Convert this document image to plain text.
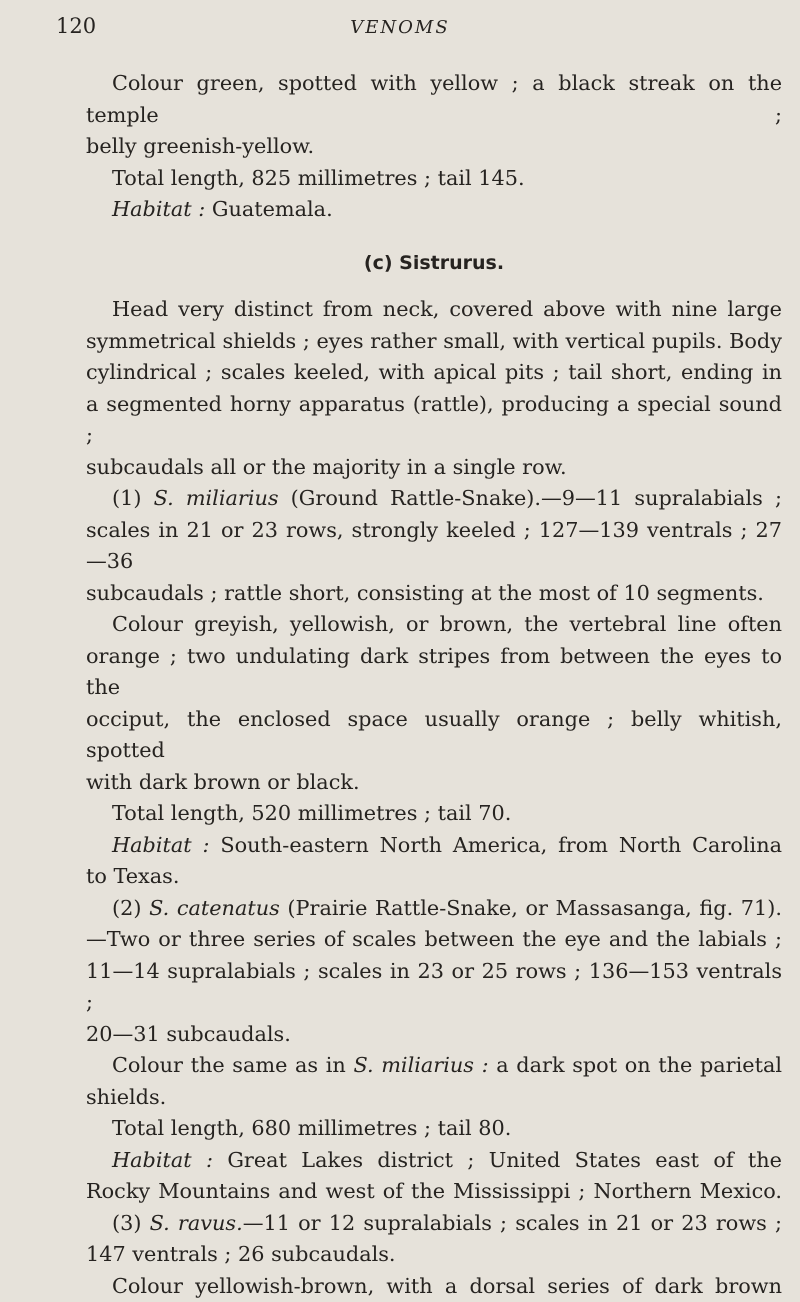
120	VENOMS

Colour green, spotted with yellow ; a black streak on the temple ;

belly greenish-yellow.

Total length, 825 millimetres ; tail 145.

Habitat : Guatemala.

(c) Sistrurus.

Head very distinct from neck, covered above with nine large

symmetrical shields ; eyes rather small, with vertical pupils. Body

cylindrical ; scales keeled, with apical pits ; tail short, ending in

a segmented horny apparatus (rattle), producing a special sound ;

subcaudals all or the majority in a single row.

(1) S. miliarius (Ground Rattle-Snake).—9—11 supralabials ;

scales in 21 or 23 rows, strongly keeled ; 127—139 ventrals ; 27—36

subcaudals ; rattle short, consisting at the most of 10 segments.

Colour greyish, yellowish, or brown, the vertebral line often

orange ; two undulating dark stripes from between the eyes to the

occiput, the enclosed space usually orange ; belly whitish, spotted

with dark brown or black.

Total length, 520 millimetres ; tail 70.

Habitat : South-eastern North America, from North Carolina

to Texas.

(2) S. catenatus (Prairie Rattle-Snake, or Massasanga, fig. 71).

—Two or three series of scales between the eye and the labials ;

11—14 supralabials ; scales in 23 or 25 rows ; 136—153 ventrals ;

20—31 subcaudals.

Colour the same as in S. miliarius : a dark spot on the parietal

shields.

Total length, 680 millimetres ; tail 80.

Habitat : Great Lakes district ; United States east of the

Rocky Mountains and west of the Mississippi ; Northern Mexico.

(3) S. ravus.—11 or 12 supralabials ; scales in 21 or 23 rows ;

147 ventrals ; 26 subcaudals.

Colour yellowish-brown, with a dorsal series of dark brown
